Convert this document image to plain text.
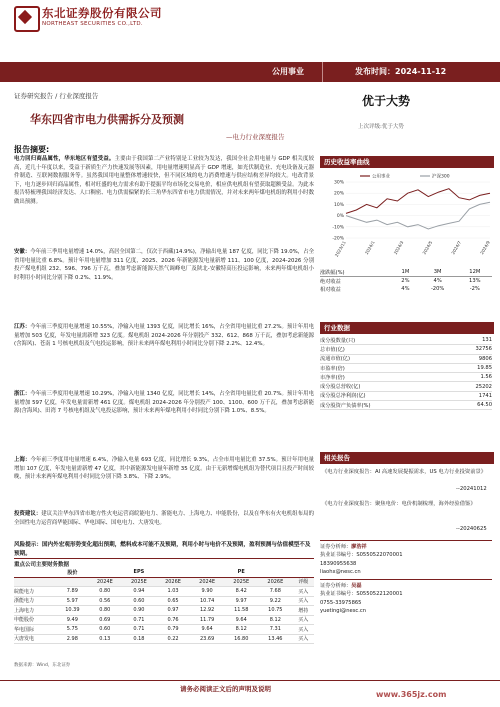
东北证券股份有限公司
NORTHEAST SECURITIES CO.,LTD.
公用事业	发布时间：2024-11-12
证券研究报告 / 行业深度报告	优于大势
上次评级:优于大势
华东四省市电力供需拆分及预测
—电力行业深度报告
报告摘要:

电力回归商品属性，华东地区有望受益。主要由于我国第二产业特别是工业较为发达，我国全社会用电量与 GDP 相关度较高，近几十年度以来，受益于新质生产力快速发展等因素，用电量增速明显高于 GDP 增速，如光伏制造业、充电设备及元器件制造、互联网数据服务等。虽然我国用电量整体增速较快，但不同区域的电力消费增速与供应结构差异均较大。电改背景下，电力逐步回归商品属性，相对旺盛的电力需求有助于提振平均市场化交易电价，相应供电机组有望获取超额受益。为此本报告特梳理我国经济发达、人口稠密、电力供需偏紧的长三角华东四省市电力供需情况，并对未来两年煤电机组的利用小时数做出预测。

安徽：今年前三季用电量增速 14.0%，高居全国第二，仅次于西藏(14.9%)，净输出电量 187 亿度，同比下降 19.0%，占全省用电量比重 6.8%。预计年用电量增加 311 亿度，2025、2026 年新能源发电量新增 111、100 亿度，2024-2026 分别投产煤电机组 232、596、796 万千瓦，叠加考虑新能源天然气调峰电厂及陕北-安徽特高压投运影响，未来两年煤电机组小时利用小时同比分别下降 0.2%、11.9%。

江苏：今年前三季度用电量增速 10.55%，净输入电量 1393 亿度，同比增长 16%，占全省用电量比重 27.2%。预计年用电量增加 503 亿度，年发电量需新增 323 亿度。煤电机组 2024-2026 年分别投产 332、612、868 万千瓦，叠加考虑新能源(含海风)、苍南 1 号核电机组及气电投运影响，预计未来两年煤电利用小时同比分别下降 2.2%、12.4%。

浙江：今年前三季度用电量增速 10.29%，净输入电量 1340 亿度，同比增长 14%，占全省用电量比重 20.7%。预计年用电量增加 597 亿度，年发电量需新增 461 亿度。煤电机组 2024-2026 年分别投产 100、1100、600 万千瓦，叠加考虑新能源(含海风)、田湾 7 号核电机组及气电投运影响，预计未来两年煤电利用小时同比分别下降 1.0%、8.5%。

上海：今年前三季度用电量增速 6.4%，净输入电量 693 亿度，同比增长 9.3%，占全市用电量比重 37.5%。预计年用电量增加 107 亿度，年发电量需新增 47 亿度，其中新能源发电量年新增 35 亿度。由于无新增煤电机组为替代项目且投产时间较晚，预计未来两年煤电利用小时同比分别下降 3.8%、下降 2.9%。

投资建议：建议关注华东四省市地方性火电运营商皖能电力、浙能电力、上海电力、申能股份，以及在华东有火电机组布局的全国性电力运营商华能国际、华电国际、国电电力、大唐发电。

风险提示：国内外宏观形势变化超出预期，燃料成本可能不及预期，利用小时与电价不及预期，盈利预测与估值模型不及预期。
重点公司主要财务数据
	股价	EPS			PE			
		2024E	2025E	2026E	2024E	2025E	2026E	评级
皖能电力	7.89	0.80	0.94	1.03	9.90	8.42	7.68	买入
浙能电力	5.97	0.56	0.60	0.65	10.74	9.97	9.22	买入
上海电力	10.39	0.80	0.90	0.97	12.92	11.58	10.75	增持
申能股份	9.49	0.69	0.71	0.76	11.79	9.64	8.12	买入
华电国际	5.75	0.60	0.71	0.79	9.64	8.12	7.31	买入
大唐发电	2.98	0.13	0.18	0.22	23.69	16.80	13.46	买入
数据来源：Wind，东北证券
历史收益率曲线
30%
20%
10%
0%
-10%
-20%
2023/11	2024/1	2024/3	2024/5	2024/7	2024/9
公用事业	沪深300
涨跌幅(%)	1M	3M	12M
绝对收益	2%	4%	13%
相对收益	4%	-20%	-2%
行业数据
成分股数量(只)	131
总市值(亿)	32756
流通市值(亿)	9806
市盈率(倍)	19.85
市净率(倍)	1.56
成分股总营收(亿)	25202
成分股总净利润(亿)	1741
成分股资产负债率(%)	64.50
相关报告

《电力行业深度报告：AI 高速发展提振需求，US 电力行业投资前景》

--20241012

《电力行业深度报告：聚焦电价：电价机制梳理，海外经验借鉴》

--20240625
证券分析师：廖浩祥
执业证书编号：S0550522070001
18390955638
liaohx@nesc.cn
证券分析师：吴磊
执业证书编号：S0550522120001
0755-33975865
yuetingi@nesc.cn
请务必阅读正文后的声明及说明
www.365jz.com
